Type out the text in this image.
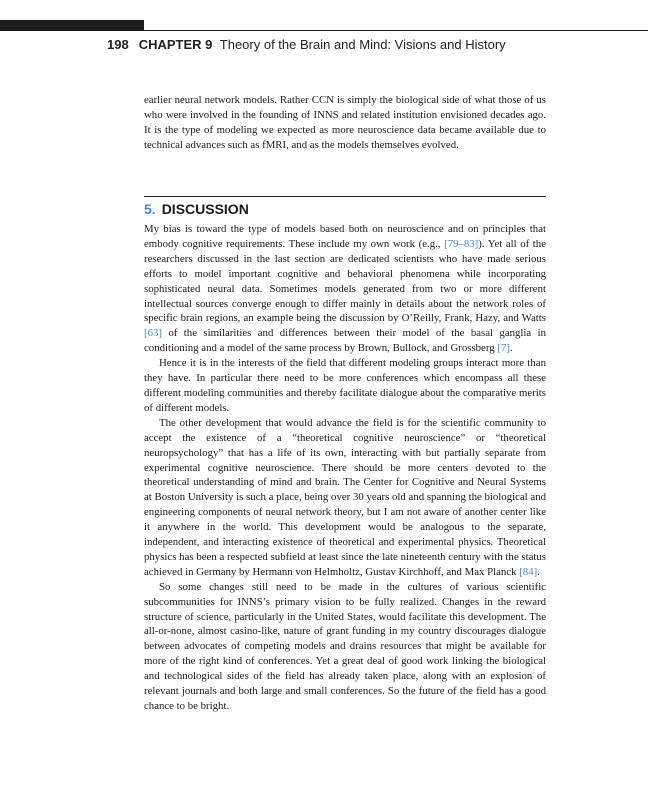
198 CHAPTER 9 Theory of the Brain and Mind: Visions and History

earlier neural network models. Rather CCN is simply the biological side of what those of us who were involved in the founding of INNS and related institution envisioned decades ago. It is the type of modeling we expected as more neuroscience data became available due to technical advances such as fMRI, and as the models themselves evolved.

5. DISCUSSION

My bias is toward the type of models based both on neuroscience and on principles that embody cognitive requirements. These include my own work (e.g., [79–83]). Yet all of the researchers discussed in the last section are dedicated scientists who have made serious efforts to model important cognitive and behavioral phenomena while incorporating sophisticated neural data. Sometimes models generated from two or more different intellectual sources converge enough to differ mainly in details about the network roles of specific brain regions, an example being the discussion by O’Reilly, Frank, Hazy, and Watts [63] of the similarities and differences between their model of the basal ganglia in conditioning and a model of the same process by Brown, Bullock, and Grossberg [7].

Hence it is in the interests of the field that different modeling groups interact more than they have. In particular there need to be more conferences which encompass all these different modeling communities and thereby facilitate dialogue about the comparative merits of different models.

The other development that would advance the field is for the scientific community to accept the existence of a “theoretical cognitive neuroscience” or “theoretical neuropsychology” that has a life of its own, interacting with but partially separate from experimental cognitive neuroscience. There should be more centers devoted to the theoretical understanding of mind and brain. The Center for Cognitive and Neural Systems at Boston University is such a place, being over 30 years old and spanning the biological and engineering components of neural network theory, but I am not aware of another center like it anywhere in the world. This development would be analogous to the separate, independent, and interacting existence of theoretical and experimental physics. Theoretical physics has been a respected subfield at least since the late nineteenth century with the status achieved in Germany by Hermann von Helmholtz, Gustav Kirchhoff, and Max Planck [84].

So some changes still need to be made in the cultures of various scientific subcommunities for INNS’s primary vision to be fully realized. Changes in the reward structure of science, particularly in the United States, would facilitate this development. The all-or-none, almost casino-like, nature of grant funding in my country discourages dialogue between advocates of competing models and drains resources that might be available for more of the right kind of conferences. Yet a great deal of good work linking the biological and technological sides of the field has already taken place, along with an explosion of relevant journals and both large and small conferences. So the future of the field has a good chance to be bright.
